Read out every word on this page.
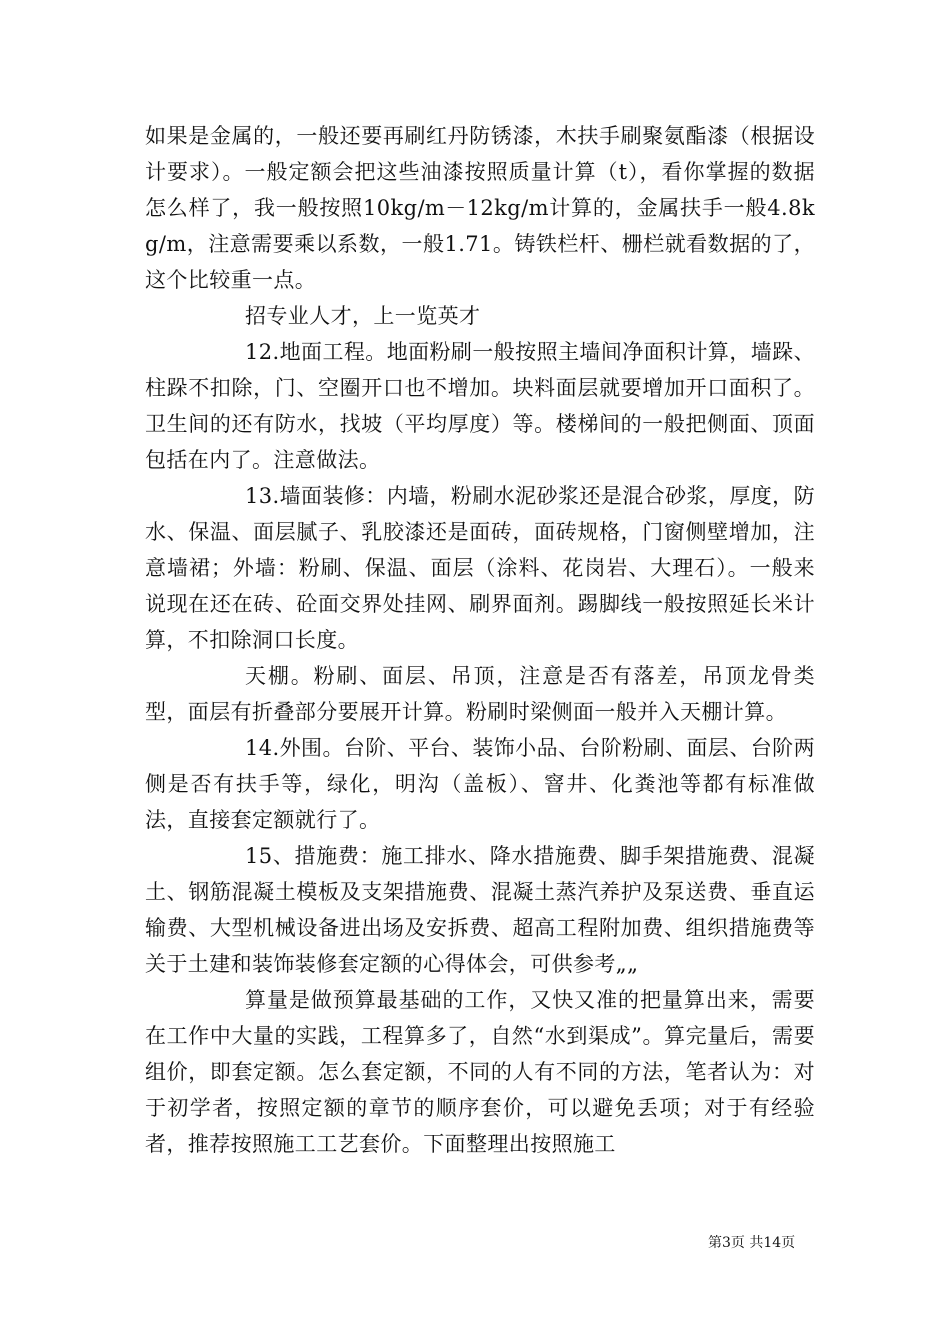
如果是金属的，一般还要再刷红丹防锈漆，木扶手刷聚氨酯漆（根据设计要求）。一般定额会把这些油漆按照质量计算（t），看你掌握的数据怎么样了，我一般按照10kg/m－12kg/m计算的，金属扶手一般4.8kg/m，注意需要乘以系数，一般1.71。铸铁栏杆、栅栏就看数据的了，这个比较重一点。

招专业人才，上一览英才

12.地面工程。地面粉刷一般按照主墙间净面积计算，墙跺、柱跺不扣除，门、空圈开口也不增加。块料面层就要增加开口面积了。卫生间的还有防水，找坡（平均厚度）等。楼梯间的一般把侧面、顶面包括在内了。注意做法。

13.墙面装修：内墙，粉刷水泥砂浆还是混合砂浆，厚度，防水、保温、面层腻子、乳胶漆还是面砖，面砖规格，门窗侧壁增加，注意墙裙；外墙：粉刷、保温、面层（涂料、花岗岩、大理石）。一般来说现在还在砖、砼面交界处挂网、刷界面剂。踢脚线一般按照延长米计算，不扣除洞口长度。

天棚。粉刷、面层、吊顶，注意是否有落差，吊顶龙骨类型，面层有折叠部分要展开计算。粉刷时梁侧面一般并入天棚计算。

14.外围。台阶、平台、装饰小品、台阶粉刷、面层、台阶两侧是否有扶手等，绿化，明沟（盖板）、窨井、化粪池等都有标准做法，直接套定额就行了。

15、措施费：施工排水、降水措施费、脚手架措施费、混凝土、钢筋混凝土模板及支架措施费、混凝土蒸汽养护及泵送费、垂直运输费、大型机械设备进出场及安拆费、超高工程附加费、组织措施费等关于土建和装饰装修套定额的心得体会，可供参考„„

算量是做预算最基础的工作，又快又准的把量算出来，需要在工作中大量的实践，工程算多了，自然“水到渠成”。算完量后，需要组价，即套定额。怎么套定额，不同的人有不同的方法，笔者认为：对于初学者，按照定额的章节的顺序套价，可以避免丢项；对于有经验者，推荐按照施工工艺套价。下面整理出按照施工

第3页 共14页
